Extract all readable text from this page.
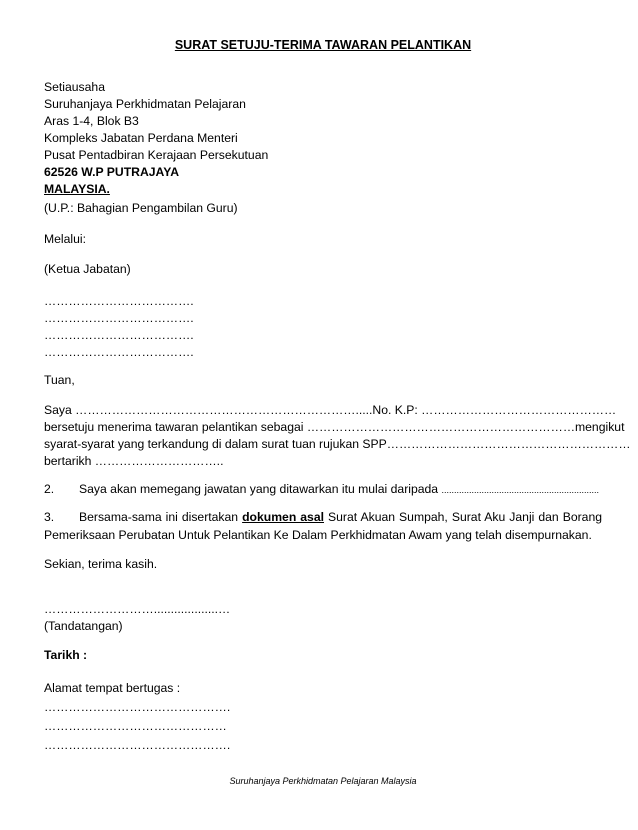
SURAT SETUJU-TERIMA TAWARAN PELANTIKAN
Setiausaha
Suruhanjaya Perkhidmatan Pelajaran
Aras 1-4, Blok B3
Kompleks Jabatan Perdana Menteri
Pusat Pentadbiran Kerajaan Persekutuan
62526 W.P PUTRAJAYA
MALAYSIA.
(U.P.: Bahagian Pengambilan Guru)
Melalui:
(Ketua Jabatan)
……………………………….
……………………………….
……………………………….
……………………………….
Tuan,
Saya …………………………………………………………….....No. K.P: …………………………………………
bersetuju menerima tawaran pelantikan sebagai ……………………………………………………… …mengikut
syarat-syarat yang terkandung di dalam surat tuan rujukan SPP……………………………………………………
bertarikh …………………………..
2. Saya akan memegang jawatan yang ditawarkan itu mulai daripada ...............................................................
3. Bersama-sama ini disertakan dokumen asal Surat Akuan Sumpah, Surat Aku Janji dan Borang Pemeriksaan Perubatan Untuk Pelantikan Ke Dalam Perkhidmatan Awam yang telah disempurnakan.
Sekian, terima kasih.
………………………...................…
(Tandatangan)
Tarikh :
Alamat tempat bertugas :
……………………………………….
………………………………………
……………………………………….
Suruhanjaya Perkhidmatan Pelajaran Malaysia
